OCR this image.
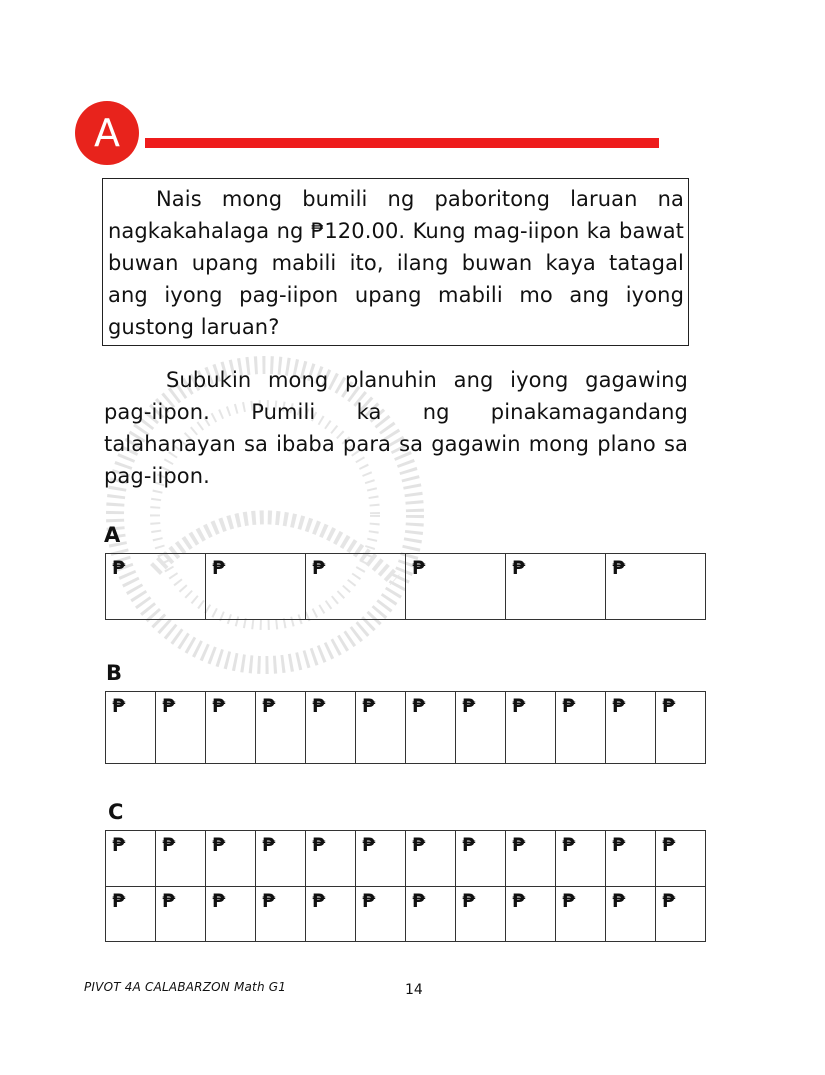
A
Nais mong bumili ng paboritong laruan na nagkakahalaga ng ₱120.00. Kung mag-iipon ka bawat buwan upang mabili ito, ilang buwan kaya tatagal ang iyong pag-iipon upang mabili mo ang iyong gustong laruan?
Subukin mong planuhin ang iyong gagawing pag-iipon. Pumili ka ng pinakamagandang talahanayan sa ibaba para sa gagawin mong plano sa pag-iipon.
A
₱	₱	₱	₱	₱	₱
B
₱	₱	₱	₱	₱	₱	₱	₱	₱	₱	₱	₱
C
₱	₱	₱	₱	₱	₱	₱	₱	₱	₱	₱	₱
₱	₱	₱	₱	₱	₱	₱	₱	₱	₱	₱	₱
PIVOT 4A CALABARZON Math G1	14
